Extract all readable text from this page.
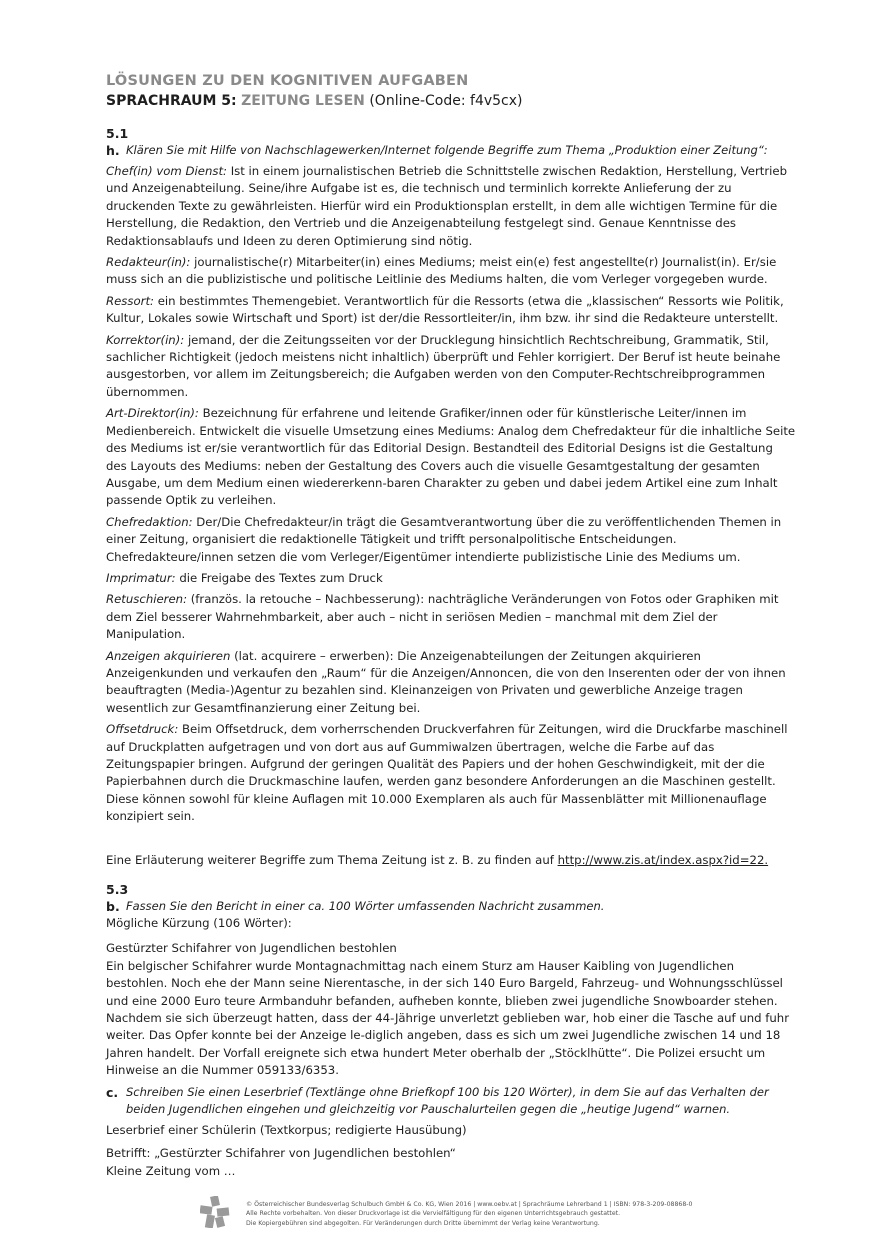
LÖSUNGEN ZU DEN KOGNITIVEN AUFGABEN
SPRACHRAUM 5: ZEITUNG LESEN (Online-Code: f4v5cx)
5.1
h. Klären Sie mit Hilfe von Nachschlagewerken/Internet folgende Begriffe zum Thema „Produktion einer Zeitung“:

Chef(in) vom Dienst: Ist in einem journalistischen Betrieb die Schnittstelle zwischen Redaktion, Herstellung, Vertrieb und Anzeigenabteilung. Seine/ihre Aufgabe ist es, die technisch und terminlich korrekte Anlieferung der zu druckenden Texte zu gewährleisten. Hierfür wird ein Produktionsplan erstellt, in dem alle wichtigen Termine für die Herstellung, die Redaktion, den Vertrieb und die Anzeigenabteilung festgelegt sind. Genaue Kenntnisse des Redaktionsablaufs und Ideen zu deren Optimierung sind nötig.

Redakteur(in): journalistische(r) Mitarbeiter(in) eines Mediums; meist ein(e) fest angestellte(r) Journalist(in). Er/sie muss sich an die publizistische und politische Leitlinie des Mediums halten, die vom Verleger vorgegeben wurde.

Ressort: ein bestimmtes Themengebiet. Verantwortlich für die Ressorts (etwa die „klassischen“ Ressorts wie Politik, Kultur, Lokales sowie Wirtschaft und Sport) ist der/die Ressortleiter/in, ihm bzw. ihr sind die Redakteure unterstellt.

Korrektor(in): jemand, der die Zeitungsseiten vor der Drucklegung hinsichtlich Rechtschreibung, Grammatik, Stil, sachlicher Richtigkeit (jedoch meistens nicht inhaltlich) überprüft und Fehler korrigiert. Der Beruf ist heute beinahe ausgestorben, vor allem im Zeitungsbereich; die Aufgaben werden von den Computer-Rechtschreibprogrammen übernommen.

Art-Direktor(in): Bezeichnung für erfahrene und leitende Grafiker/innen oder für künstlerische Leiter/innen im Medienbereich. Entwickelt die visuelle Umsetzung eines Mediums: Analog dem Chefredakteur für die inhaltliche Seite des Mediums ist er/sie verantwortlich für das Editorial Design. Bestandteil des Editorial Designs ist die Gestaltung des Layouts des Mediums: neben der Gestaltung des Covers auch die visuelle Gesamtgestaltung der gesamten Ausgabe, um dem Medium einen wiedererkenn-baren Charakter zu geben und dabei jedem Artikel eine zum Inhalt passende Optik zu verleihen.

Chefredaktion: Der/Die Chefredakteur/in trägt die Gesamtverantwortung über die zu veröffentlichenden Themen in einer Zeitung, organisiert die redaktionelle Tätigkeit und trifft personalpolitische Entscheidungen. Chefredakteure/innen setzen die vom Verleger/Eigentümer intendierte publizistische Linie des Mediums um.

Imprimatur: die Freigabe des Textes zum Druck

Retuschieren: (französ. la retouche – Nachbesserung): nachträgliche Veränderungen von Fotos oder Graphiken mit dem Ziel besserer Wahrnehmbarkeit, aber auch – nicht in seriösen Medien – manchmal mit dem Ziel der Manipulation.

Anzeigen akquirieren (lat. acquirere – erwerben): Die Anzeigenabteilungen der Zeitungen akquirieren Anzeigenkunden und verkaufen den „Raum“ für die Anzeigen/Annoncen, die von den Inserenten oder der von ihnen beauftragten (Media-)Agentur zu bezahlen sind. Kleinanzeigen von Privaten und gewerbliche Anzeige tragen wesentlich zur Gesamtfinanzierung einer Zeitung bei.

Offsetdruck: Beim Offsetdruck, dem vorherrschenden Druckverfahren für Zeitungen, wird die Druckfarbe maschinell auf Druckplatten aufgetragen und von dort aus auf Gummiwalzen übertragen, welche die Farbe auf das Zeitungspapier bringen. Aufgrund der geringen Qualität des Papiers und der hohen Geschwindigkeit, mit der die Papierbahnen durch die Druckmaschine laufen, werden ganz besondere Anforderungen an die Maschinen gestellt. Diese können sowohl für kleine Auflagen mit 10.000 Exemplaren als auch für Massenblätter mit Millionenauflage konzipiert sein.

Eine Erläuterung weiterer Begriffe zum Thema Zeitung ist z. B. zu finden auf http://www.zis.at/index.aspx?id=22.

5.3
b. Fassen Sie den Bericht in einer ca. 100 Wörter umfassenden Nachricht zusammen.

Mögliche Kürzung (106 Wörter):

Gestürzter Schifahrer von Jugendlichen bestohlen

Ein belgischer Schifahrer wurde Montagnachmittag nach einem Sturz am Hauser Kaibling von Jugendlichen bestohlen. Noch ehe der Mann seine Nierentasche, in der sich 140 Euro Bargeld, Fahrzeug- und Wohnungsschlüssel und eine 2000 Euro teure Armbanduhr befanden, aufheben konnte, blieben zwei jugendliche Snowboarder stehen. Nachdem sie sich überzeugt hatten, dass der 44-Jährige unverletzt geblieben war, hob einer die Tasche auf und fuhr weiter. Das Opfer konnte bei der Anzeige le-diglich angeben, dass es sich um zwei Jugendliche zwischen 14 und 18 Jahren handelt. Der Vorfall ereignete sich etwa hundert Meter oberhalb der „Stöcklhütte“. Die Polizei ersucht um Hinweise an die Nummer 059133/6353.

c. Schreiben Sie einen Leserbrief (Textlänge ohne Briefkopf 100 bis 120 Wörter), in dem Sie auf das Verhalten der beiden Jugendlichen eingehen und gleichzeitig vor Pauschalurteilen gegen die „heutige Jugend“ warnen.

Leserbrief einer Schülerin (Textkorpus; redigierte Hausübung)

Betrifft: „Gestürzter Schifahrer von Jugendlichen bestohlen“

Kleine Zeitung vom …

© Österreichischer Bundesverlag Schulbuch GmbH & Co. KG, Wien 2016 | www.oebv.at | Sprachräume Lehrerband 1 | ISBN: 978-3-209-08868-0
Alle Rechte vorbehalten. Von dieser Druckvorlage ist die Vervielfältigung für den eigenen Unterrichtsgebrauch gestattet.
Die Kopiergebühren sind abgegolten. Für Veränderungen durch Dritte übernimmt der Verlag keine Verantwortung.
